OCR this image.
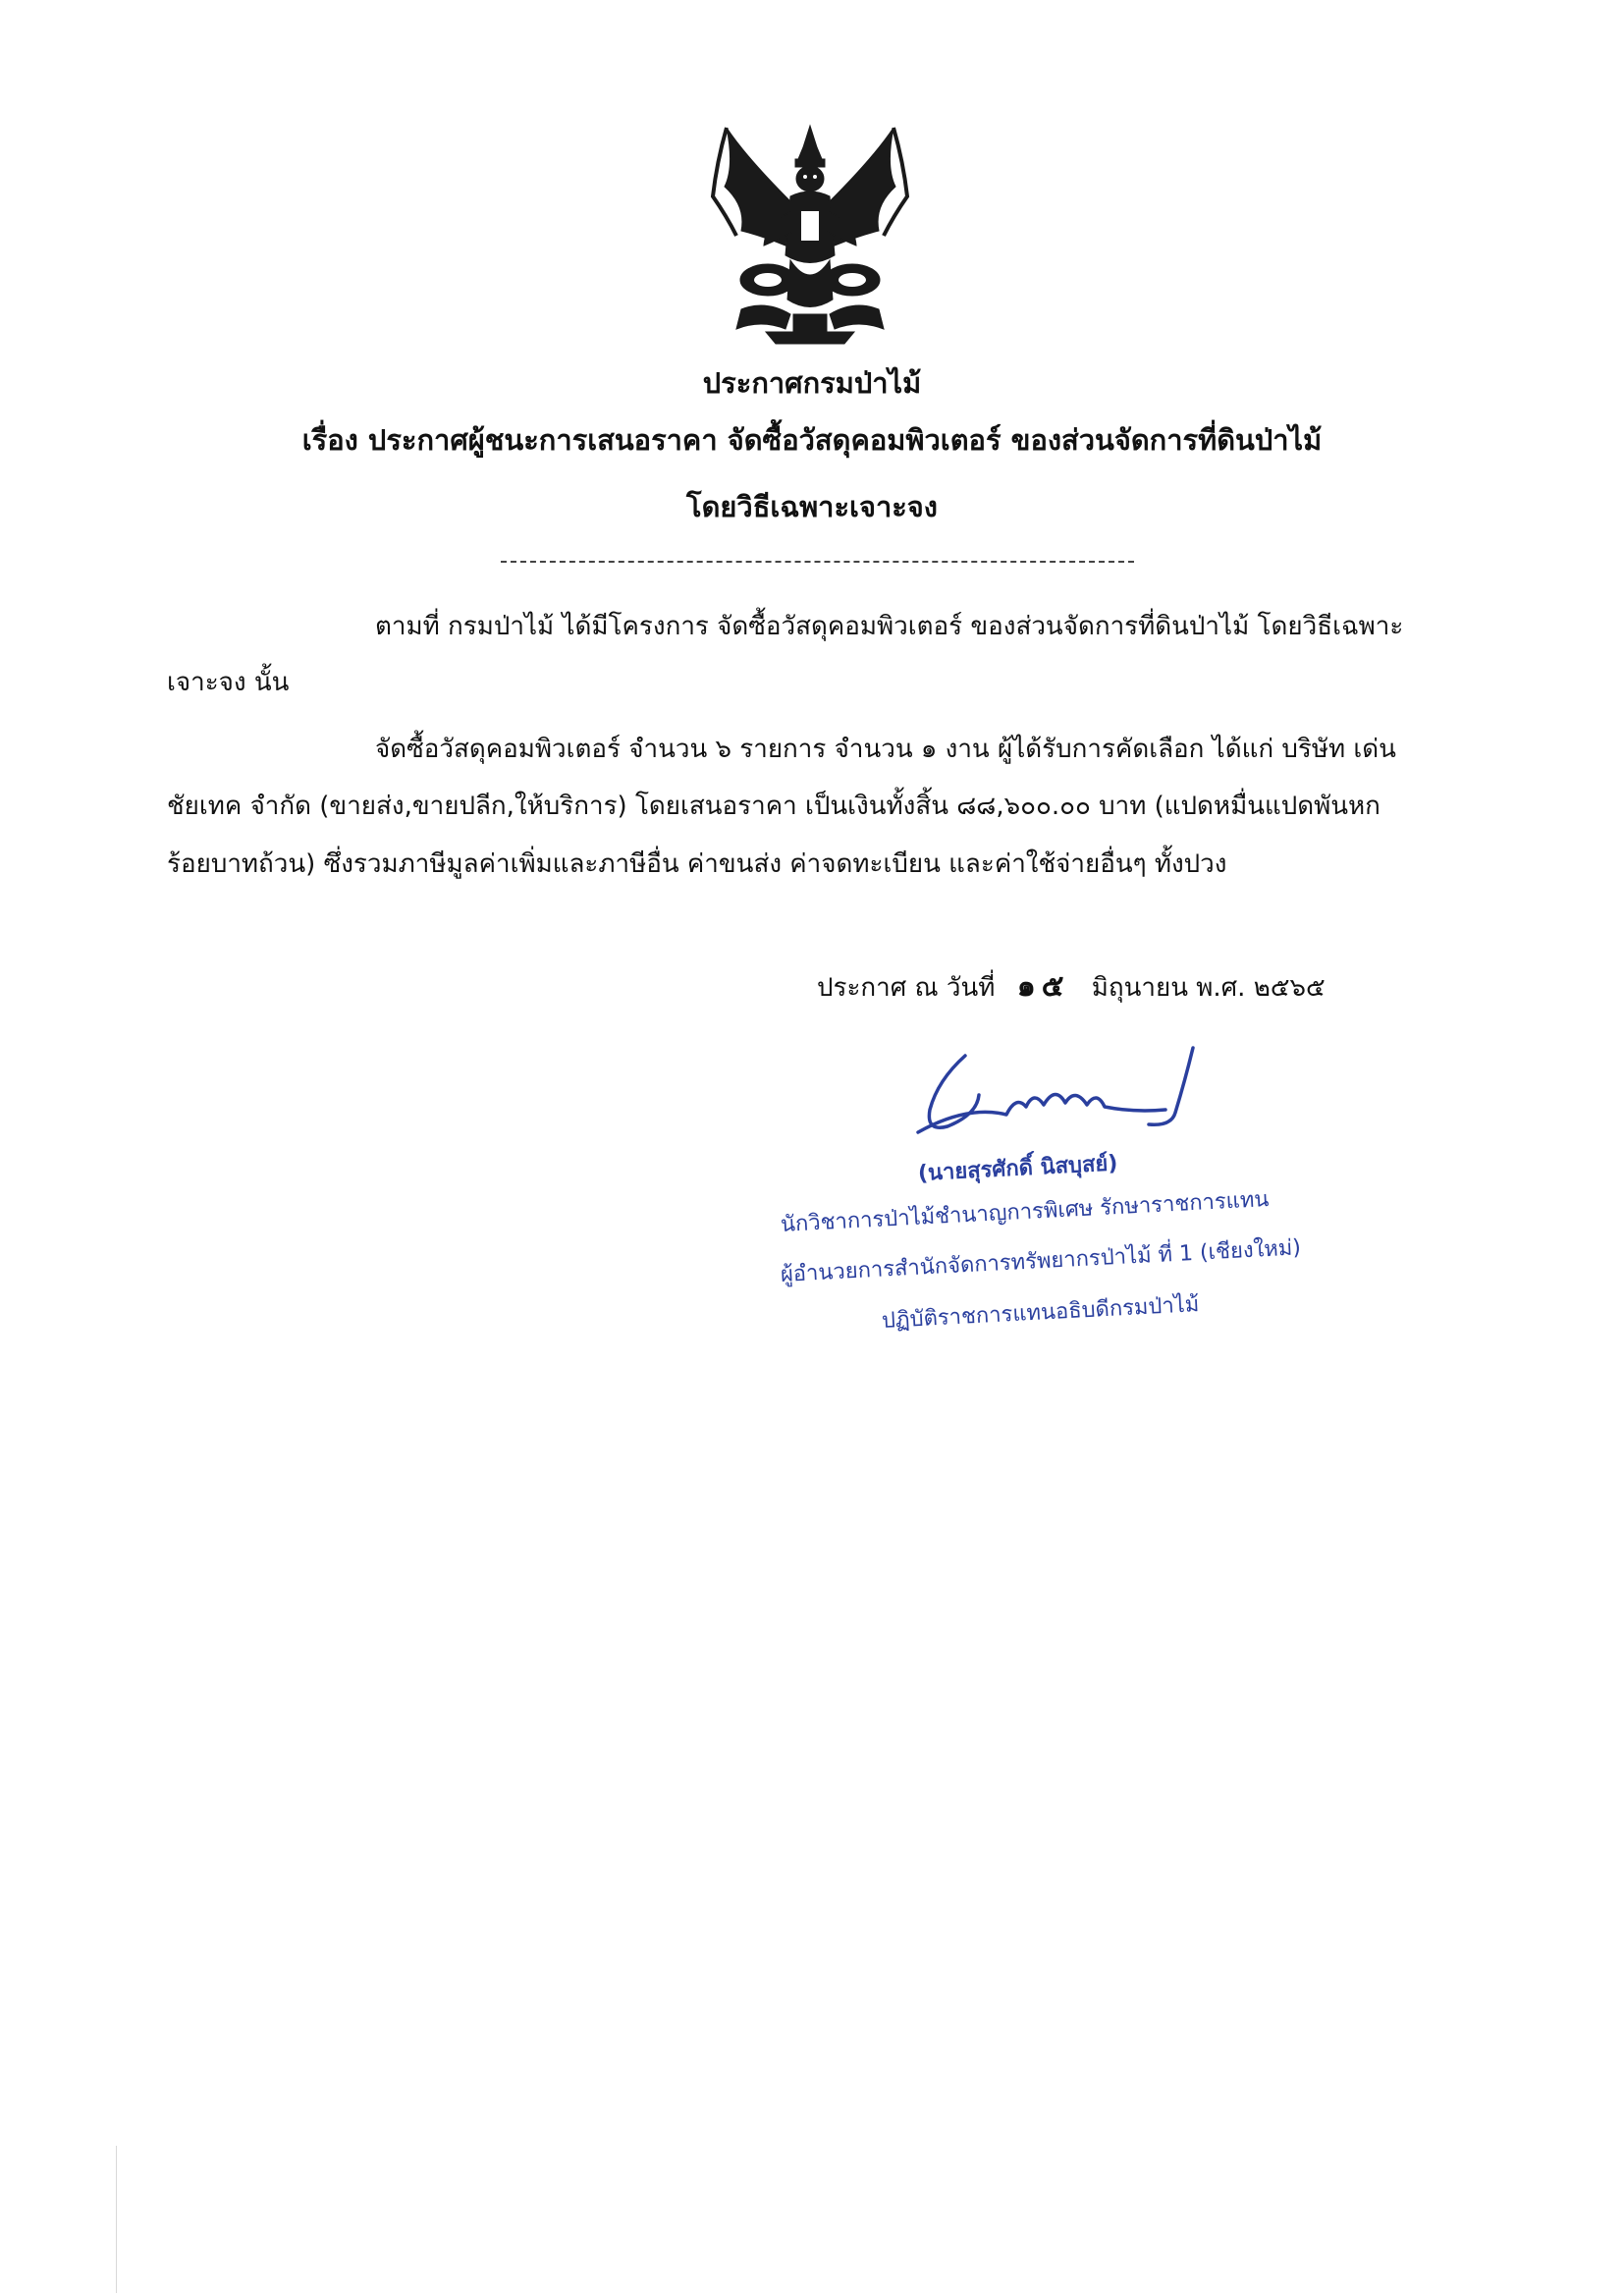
ประกาศกรมป่าไม้
เรื่อง ประกาศผู้ชนะการเสนอราคา จัดซื้อวัสดุคอมพิวเตอร์ ของส่วนจัดการที่ดินป่าไม้
โดยวิธีเฉพาะเจาะจง
ตามที่ กรมป่าไม้ ได้มีโครงการ จัดซื้อวัสดุคอมพิวเตอร์ ของส่วนจัดการที่ดินป่าไม้ โดยวิธีเฉพาะ
เจาะจง นั้น
จัดซื้อวัสดุคอมพิวเตอร์ จำนวน ๖ รายการ จำนวน ๑ งาน ผู้ได้รับการคัดเลือก ได้แก่ บริษัท เด่น
ชัยเทค จำกัด (ขายส่ง,ขายปลีก,ให้บริการ) โดยเสนอราคา เป็นเงินทั้งสิ้น ๘๘,๖๐๐.๐๐ บาท (แปดหมื่นแปดพันหก
ร้อยบาทถ้วน) ซึ่งรวมภาษีมูลค่าเพิ่มและภาษีอื่น ค่าขนส่ง ค่าจดทะเบียน และค่าใช้จ่ายอื่นๆ ทั้งปวง
ประกาศ ณ วันที่ ๑๕ มิถุนายน พ.ศ. ๒๕๖๕
(นายสุรศักดิ์ นิสบุสย์)
นักวิชาการป่าไม้ชำนาญการพิเศษ รักษาราชการแทน
ผู้อำนวยการสำนักจัดการทรัพยากรป่าไม้ ที่ 1 (เชียงใหม่)
ปฏิบัติราชการแทนอธิบดีกรมป่าไม้
